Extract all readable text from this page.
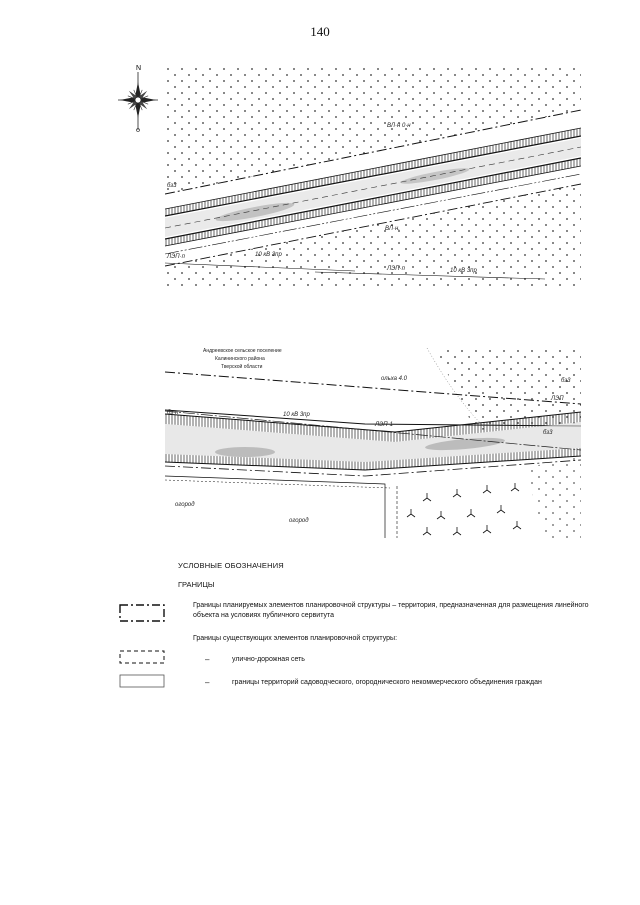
140
N
ВЛ·н 0·н
бз3
ВЛ·н.
ЛЭП·п	10 кВ 3пр
ЛЭП·п	10 кВ 3пр
Андреевское сельское поселение
Калининского района
Тверской области
ольха 4.0
10 кВ 3пр
ЛЭП-1
бз-п
бз3
ЛЭП
бз3
огород
огород
УСЛОВНЫЕ ОБОЗНАЧЕНИЯ
ГРАНИЦЫ
Границы планируемых элементов планировочной структуры – территория, предназначенная для размещения линейного объекта на условиях публичного сервитута
Границы существующих элементов планировочной структуры:
–	улично-дорожная сеть
–	границы территорий садоводческого, огороднического некоммерческого объединения граждан
